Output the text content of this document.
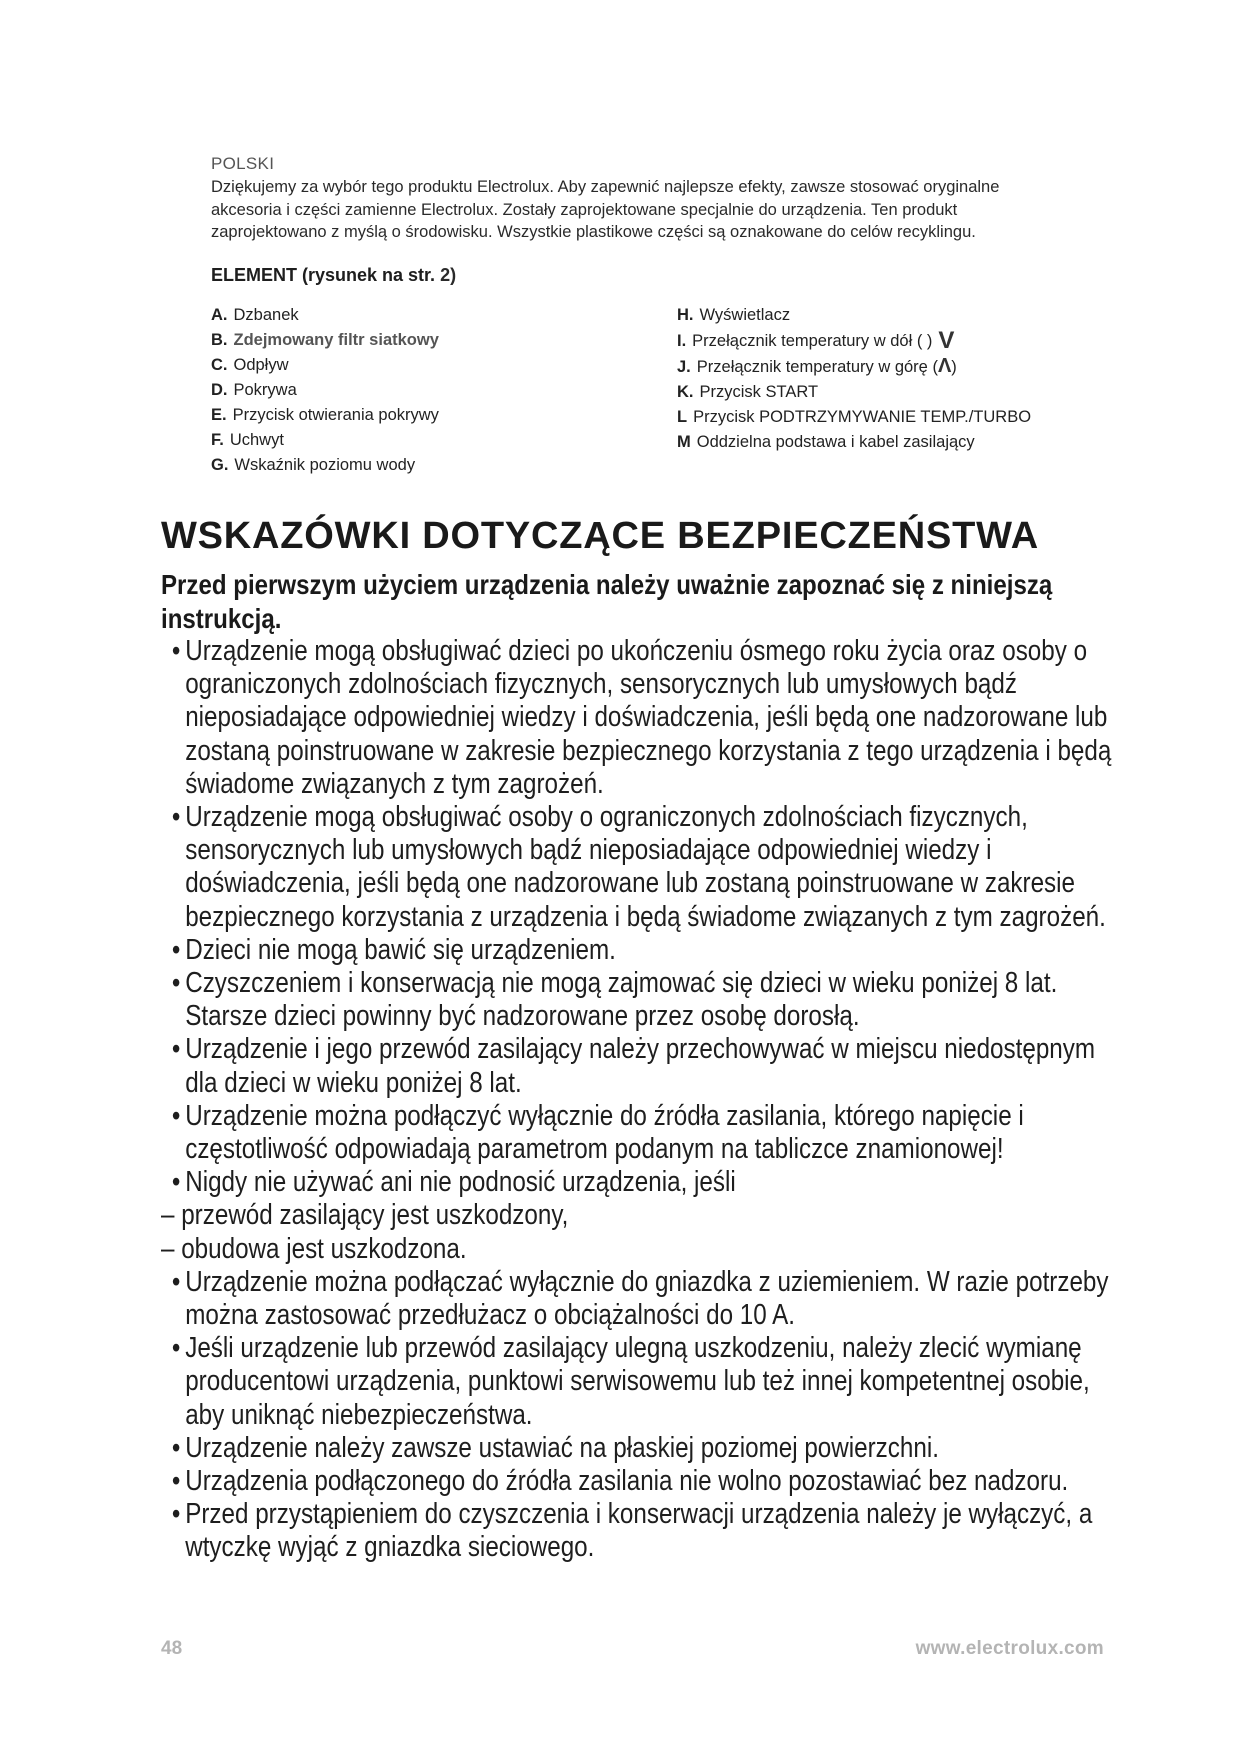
POLSKI
Dziękujemy za wybór tego produktu Electrolux. Aby zapewnić najlepsze efekty, zawsze stosować oryginalne
akcesoria i części zamienne Electrolux. Zostały zaprojektowane specjalnie do urządzenia. Ten produkt
zaprojektowano z myślą o środowisku. Wszystkie plastikowe części są oznakowane do celów recyklingu.
ELEMENT (rysunek na str. 2)
A. Dzbanek
B. Zdejmowany filtr siatkowy
C. Odpływ
D. Pokrywa
E. Przycisk otwierania pokrywy
F. Uchwyt
G. Wskaźnik poziomu wody
H. Wyświetlacz
I. Przełącznik temperatury w dół ( ) V
J. Przełącznik temperatury w górę (Λ)
K. Przycisk START
L Przycisk PODTRZYMYWANIE TEMP./TURBO
M Oddzielna podstawa i kabel zasilający
WSKAZÓWKI DOTYCZĄCE BEZPIECZEŃSTWA
Przed pierwszym użyciem urządzenia należy uważnie zapoznać się z niniejszą instrukcją.
• Urządzenie mogą obsługiwać dzieci po ukończeniu ósmego roku życia oraz osoby o ograniczonych zdolnościach fizycznych, sensorycznych lub umysłowych bądź nieposiadające odpowiedniej wiedzy i doświadczenia, jeśli będą one nadzorowane lub zostaną poinstruowane w zakresie bezpiecznego korzystania z tego urządzenia i będą świadome związanych z tym zagrożeń.
• Urządzenie mogą obsługiwać osoby o ograniczonych zdolnościach fizycznych, sensorycznych lub umysłowych bądź nieposiadające odpowiedniej wiedzy i doświadczenia, jeśli będą one nadzorowane lub zostaną poinstruowane w zakresie bezpiecznego korzystania z urządzenia i będą świadome związanych z tym zagrożeń.
• Dzieci nie mogą bawić się urządzeniem.
• Czyszczeniem i konserwacją nie mogą zajmować się dzieci w wieku poniżej 8 lat. Starsze dzieci powinny być nadzorowane przez osobę dorosłą.
• Urządzenie i jego przewód zasilający należy przechowywać w miejscu niedostępnym dla dzieci w wieku poniżej 8 lat.
• Urządzenie można podłączyć wyłącznie do źródła zasilania, którego napięcie i częstotliwość odpowiadają parametrom podanym na tabliczce znamionowej!
• Nigdy nie używać ani nie podnosić urządzenia, jeśli
– przewód zasilający jest uszkodzony,
– obudowa jest uszkodzona.
• Urządzenie można podłączać wyłącznie do gniazdka z uziemieniem. W razie potrzeby można zastosować przedłużacz o obciążalności do 10 A.
• Jeśli urządzenie lub przewód zasilający ulegną uszkodzeniu, należy zlecić wymianę producentowi urządzenia, punktowi serwisowemu lub też innej kompetentnej osobie, aby uniknąć niebezpieczeństwa.
• Urządzenie należy zawsze ustawiać na płaskiej poziomej powierzchni.
• Urządzenia podłączonego do źródła zasilania nie wolno pozostawiać bez nadzoru.
• Przed przystąpieniem do czyszczenia i konserwacji urządzenia należy je wyłączyć, a wtyczkę wyjąć z gniazdka sieciowego.
48	www.electrolux.com
